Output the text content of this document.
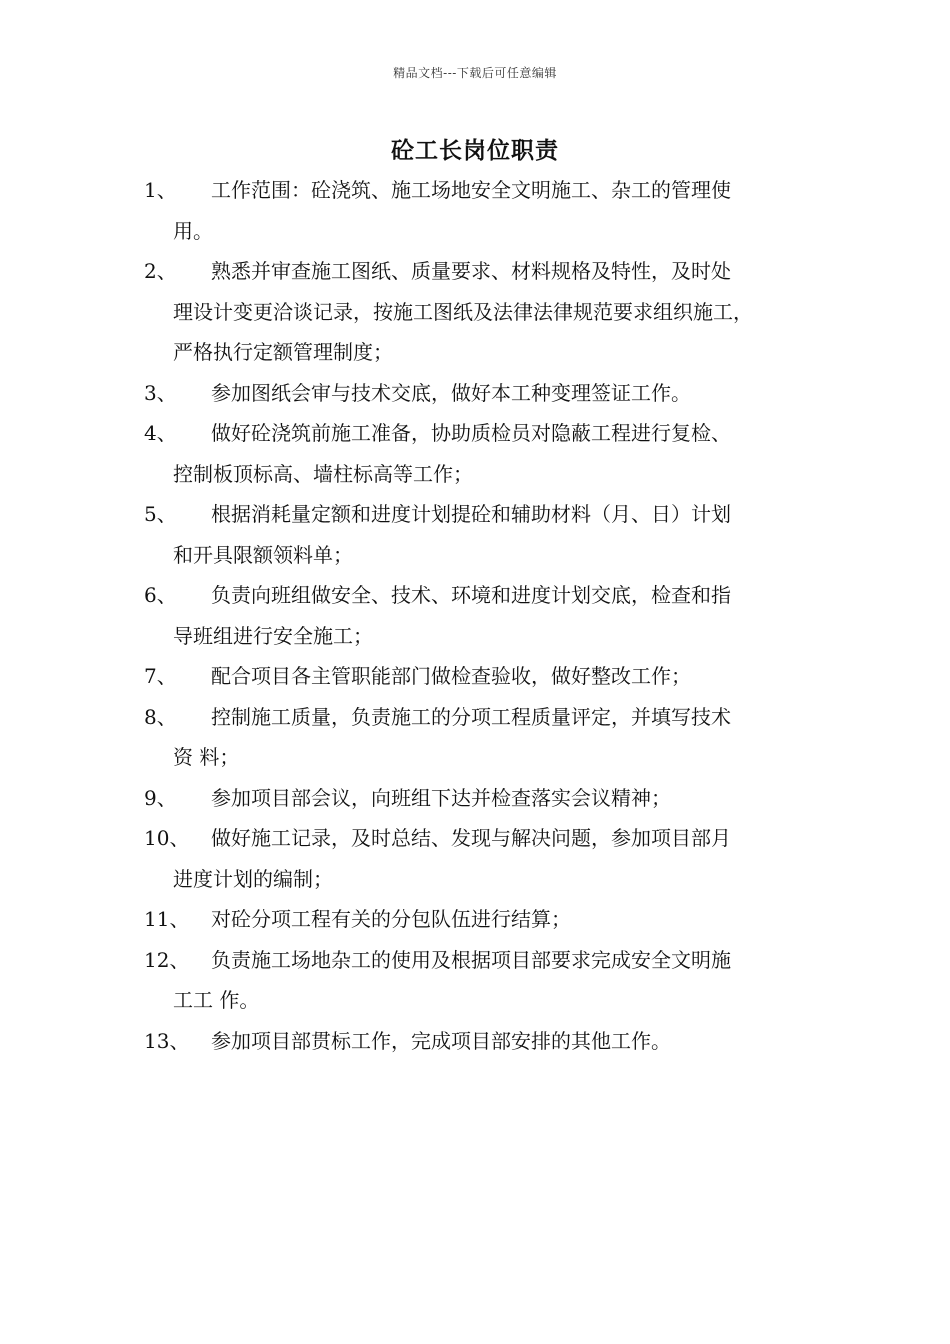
精品文档---下载后可任意编辑
砼工长岗位职责
1、 工作范围：砼浇筑、施工场地安全文明施工、杂工的管理使
用。
2、 熟悉并审查施工图纸、质量要求、材料规格及特性，及时处
理设计变更洽谈记录，按施工图纸及法律法律规范要求组织施工，
严格执行定额管理制度；
3、 参加图纸会审与技术交底，做好本工种变理签证工作。
4、 做好砼浇筑前施工准备，协助质检员对隐蔽工程进行复检、
控制板顶标高、墙柱标高等工作；
5、 根据消耗量定额和进度计划提砼和辅助材料（月、日）计划
和开具限额领料单；
6、 负责向班组做安全、技术、环境和进度计划交底，检查和指
导班组进行安全施工；
7、 配合项目各主管职能部门做检查验收，做好整改工作；
8、 控制施工质量，负责施工的分项工程质量评定，并填写技术
资 料；
9、 参加项目部会议，向班组下达并检查落实会议精神；
10、 做好施工记录，及时总结、发现与解决问题，参加项目部月
进度计划的编制；
11、 对砼分项工程有关的分包队伍进行结算；
12、 负责施工场地杂工的使用及根据项目部要求完成安全文明施
工工 作。
13、 参加项目部贯标工作，完成项目部安排的其他工作。
